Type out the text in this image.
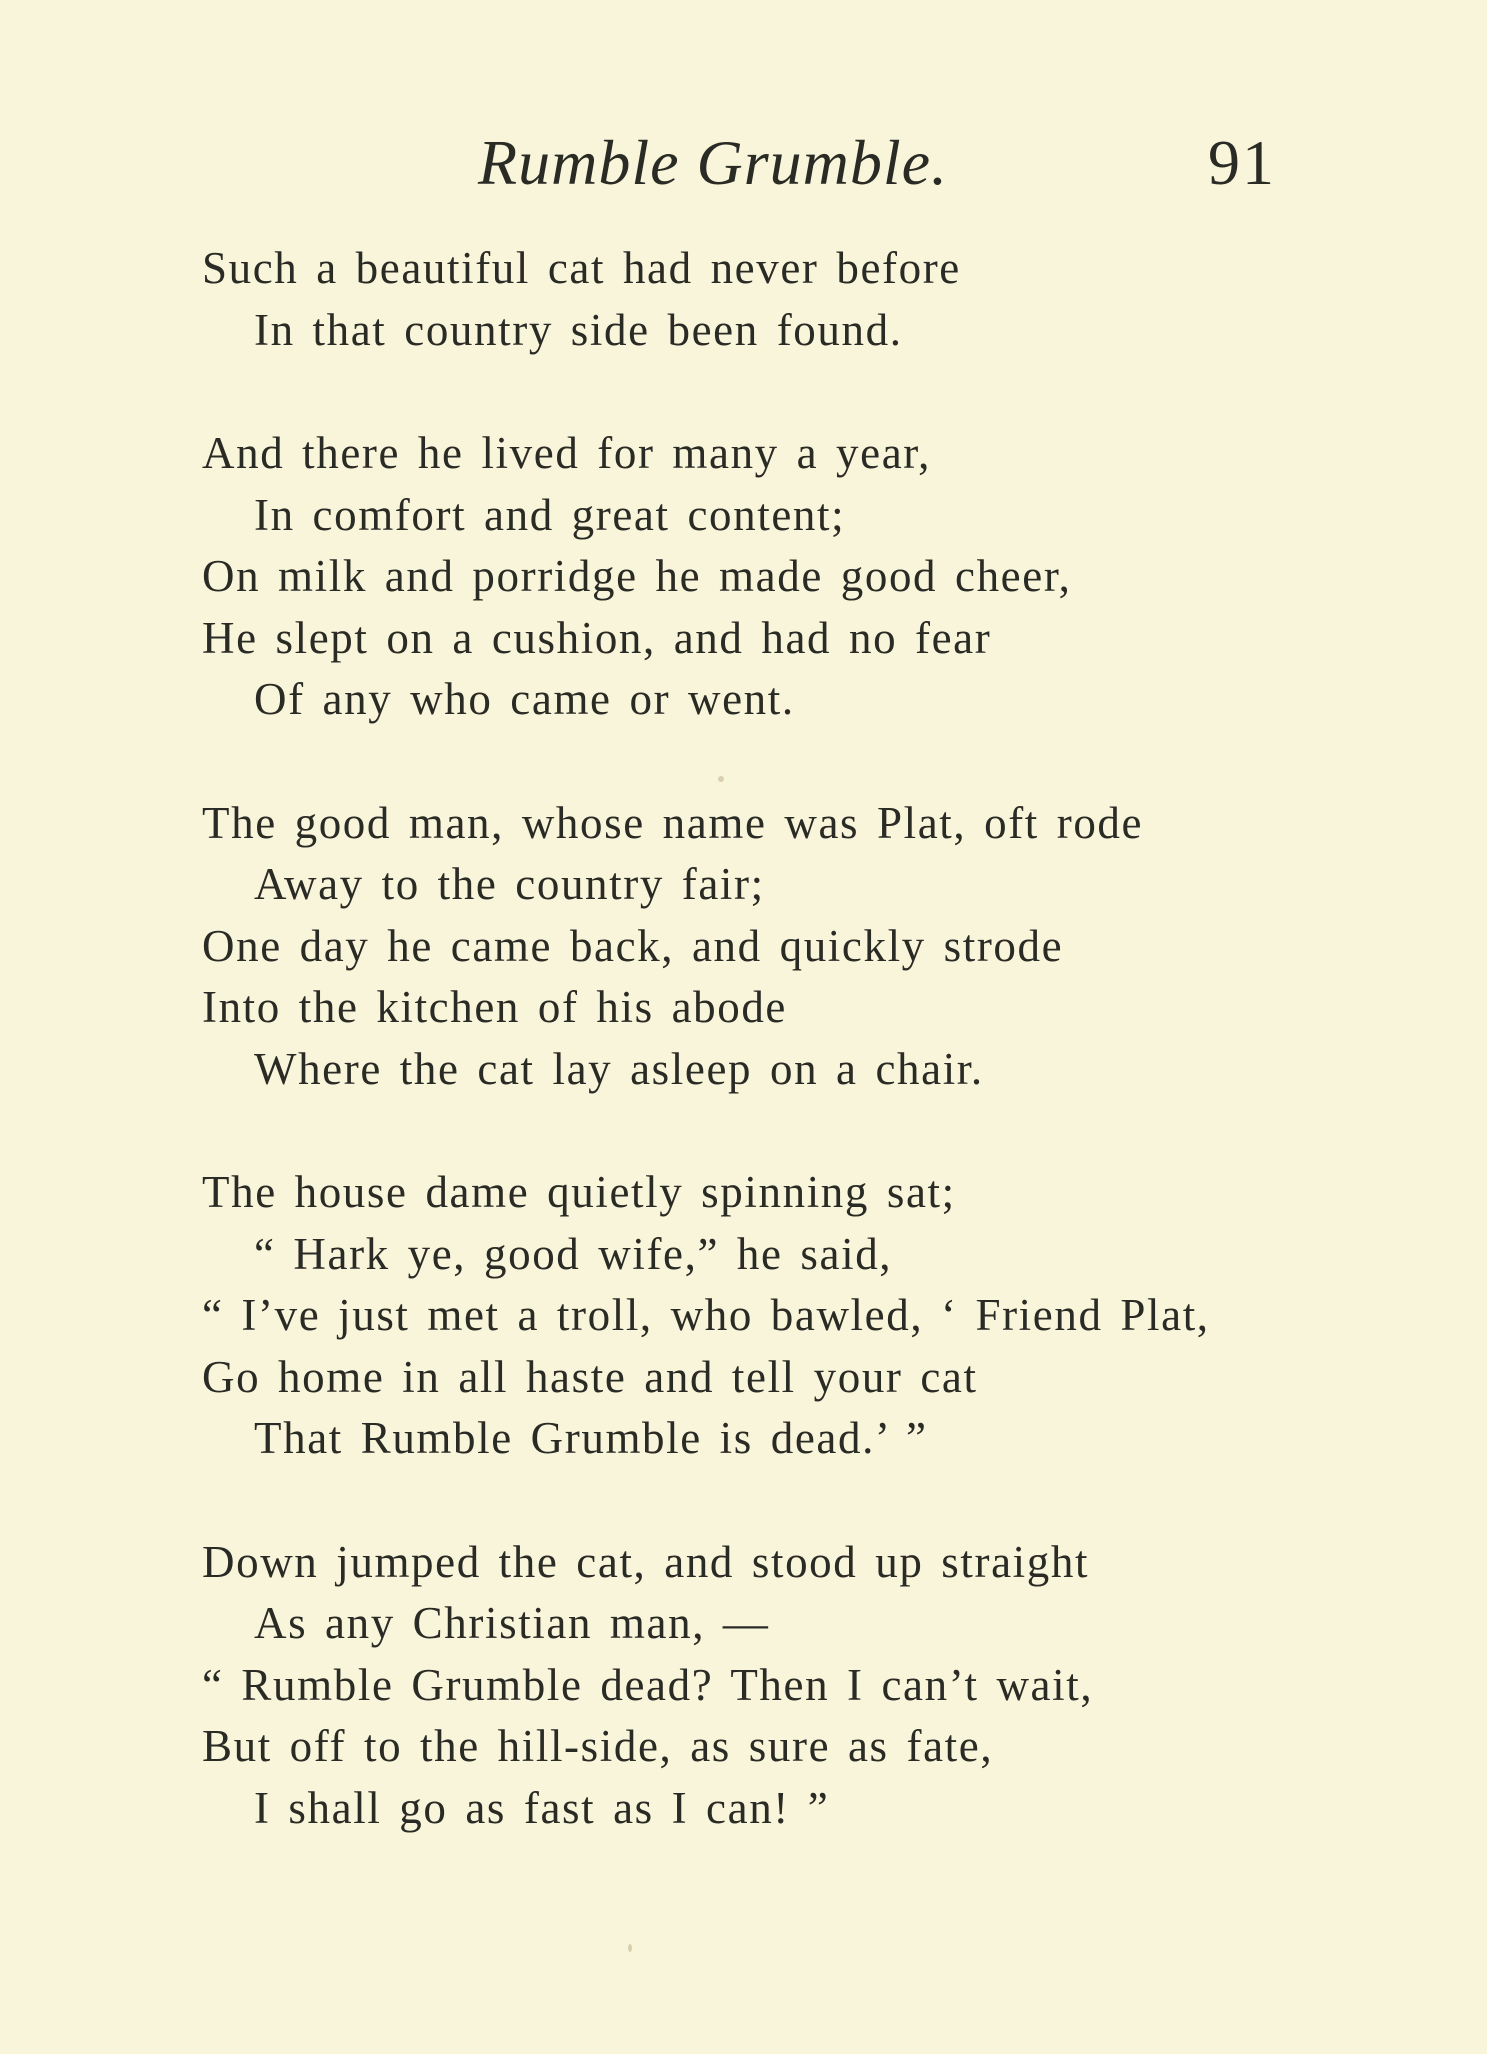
Rumble Grumble.	91
Such a beautiful cat had never before
In that country side been found.
And there he lived for many a year,
In comfort and great content;
On milk and porridge he made good cheer,
He slept on a cushion, and had no fear
Of any who came or went.
The good man, whose name was Plat, oft rode
Away to the country fair;
One day he came back, and quickly strode
Into the kitchen of his abode
Where the cat lay asleep on a chair.
The house dame quietly spinning sat;
“ Hark ye, good wife,” he said,
“ I’ve just met a troll, who bawled, ‘ Friend Plat,
Go home in all haste and tell your cat
That Rumble Grumble is dead.’ ”
Down jumped the cat, and stood up straight
As any Christian man, —
“ Rumble Grumble dead? Then I can’t wait,
But off to the hill-side, as sure as fate,
I shall go as fast as I can! ”
